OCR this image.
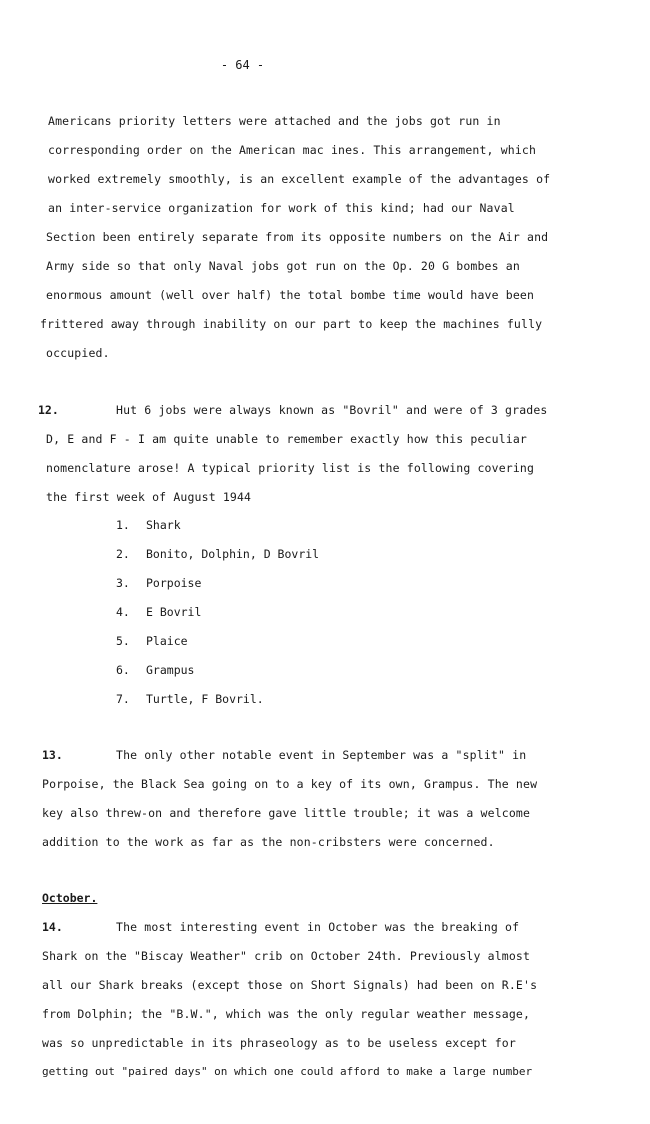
- 64 -
Americans priority letters were attached and the jobs got run in
corresponding order on the American mac ines. This arrangement, which
worked extremely smoothly, is an excellent example of the advantages of
an inter-service organization for work of this kind; had our Naval
Section been entirely separate from its opposite numbers on the Air and
Army side so that only Naval jobs got run on the Op. 20 G bombes an
enormous amount (well over half) the total bombe time would have been
frittered away through inability on our part to keep the machines fully
occupied.
12.	Hut 6 jobs were always known as "Bovril" and were of 3 grades
D, E and F - I am quite unable to remember exactly how this peculiar
nomenclature arose! A typical priority list is the following covering
the first week of August 1944
1. Shark
2. Bonito, Dolphin, D Bovril
3. Porpoise
4. E Bovril
5. Plaice
6. Grampus
7. Turtle, F Bovril.
13.	The only other notable event in September was a "split" in
Porpoise, the Black Sea going on to a key of its own, Grampus. The new
key also threw-on and therefore gave little trouble; it was a welcome
addition to the work as far as the non-cribsters were concerned.
October.
14.	The most interesting event in October was the breaking of
Shark on the "Biscay Weather" crib on October 24th. Previously almost
all our Shark breaks (except those on Short Signals) had been on R.E's
from Dolphin; the "B.W.", which was the only regular weather message,
was so unpredictable in its phraseology as to be useless except for
getting out "paired days" on which one could afford to make a large number
